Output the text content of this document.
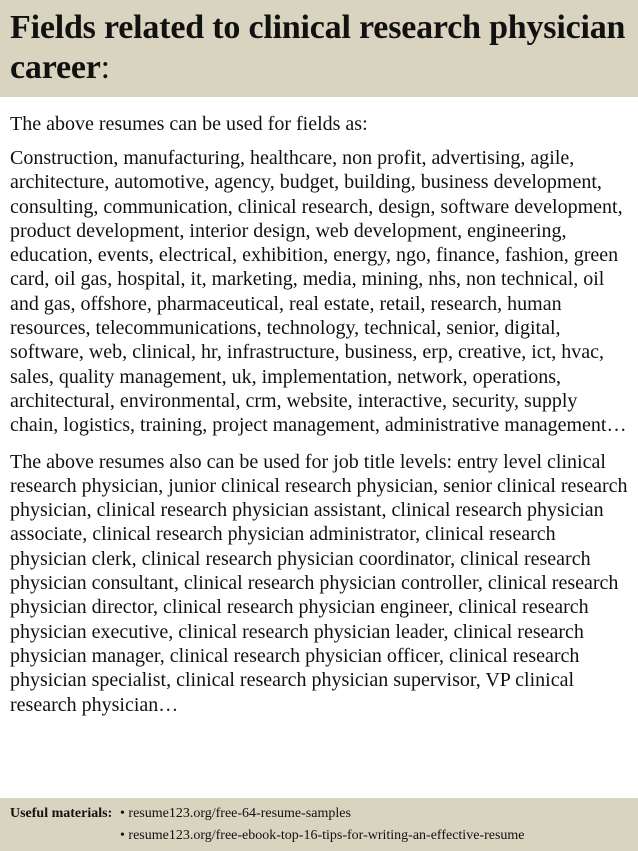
Fields related to clinical research physician career:

The above resumes can be used for fields as:

Construction, manufacturing, healthcare, non profit, advertising, agile, architecture, automotive, agency, budget, building, business development, consulting, communication, clinical research, design, software development, product development, interior design, web development, engineering, education, events, electrical, exhibition, energy, ngo, finance, fashion, green card, oil gas, hospital, it, marketing, media, mining, nhs, non technical, oil and gas, offshore, pharmaceutical, real estate, retail, research, human resources, telecommunications, technology, technical, senior, digital, software, web, clinical, hr, infrastructure, business, erp, creative, ict, hvac, sales, quality management, uk, implementation, network, operations, architectural, environmental, crm, website, interactive, security, supply chain, logistics, training, project management, administrative management…

The above resumes also can be used for job title levels: entry level clinical research physician, junior clinical research physician, senior clinical research physician, clinical research physician assistant, clinical research physician associate, clinical research physician administrator, clinical research physician clerk, clinical research physician coordinator, clinical research physician consultant, clinical research physician controller, clinical research physician director, clinical research physician engineer, clinical research physician executive, clinical research physician leader, clinical research physician manager, clinical research physician officer, clinical research physician specialist, clinical research physician supervisor, VP clinical research physician…

Useful materials: • resume123.org/free-64-resume-samples
• resume123.org/free-ebook-top-16-tips-for-writing-an-effective-resume
